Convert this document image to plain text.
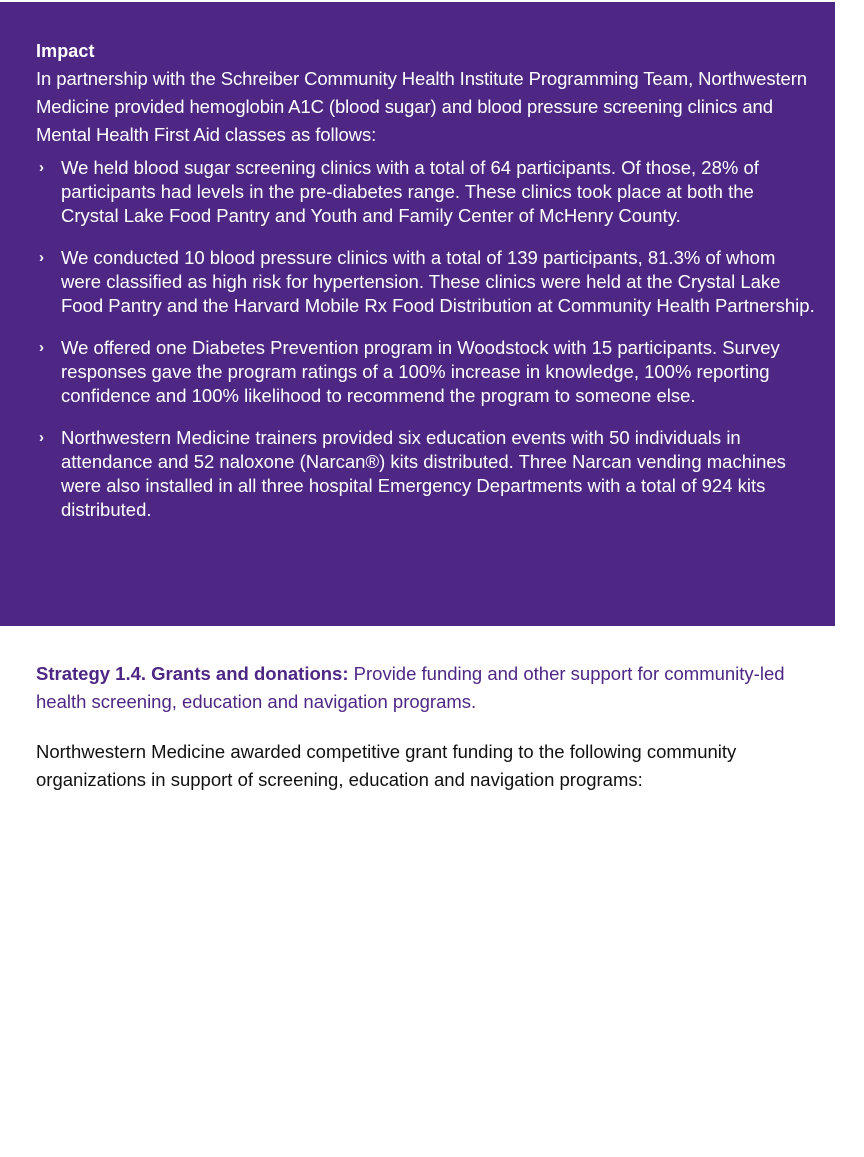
Impact

In partnership with the Schreiber Community Health Institute Programming Team, Northwestern Medicine provided hemoglobin A1C (blood sugar) and blood pressure screening clinics and Mental Health First Aid classes as follows:

› We held blood sugar screening clinics with a total of 64 participants. Of those, 28% of participants had levels in the pre-diabetes range. These clinics took place at both the Crystal Lake Food Pantry and Youth and Family Center of McHenry County.
› We conducted 10 blood pressure clinics with a total of 139 participants, 81.3% of whom were classified as high risk for hypertension. These clinics were held at the Crystal Lake Food Pantry and the Harvard Mobile Rx Food Distribution at Community Health Partnership.
› We offered one Diabetes Prevention program in Woodstock with 15 participants. Survey responses gave the program ratings of a 100% increase in knowledge, 100% reporting confidence and 100% likelihood to recommend the program to someone else.
› Northwestern Medicine trainers provided six education events with 50 individuals in attendance and 52 naloxone (Narcan®) kits distributed. Three Narcan vending machines were also installed in all three hospital Emergency Departments with a total of 924 kits distributed.

Strategy 1.4. Grants and donations: Provide funding and other support for community-led health screening, education and navigation programs.

Northwestern Medicine awarded competitive grant funding to the following community organizations in support of screening, education and navigation programs:
